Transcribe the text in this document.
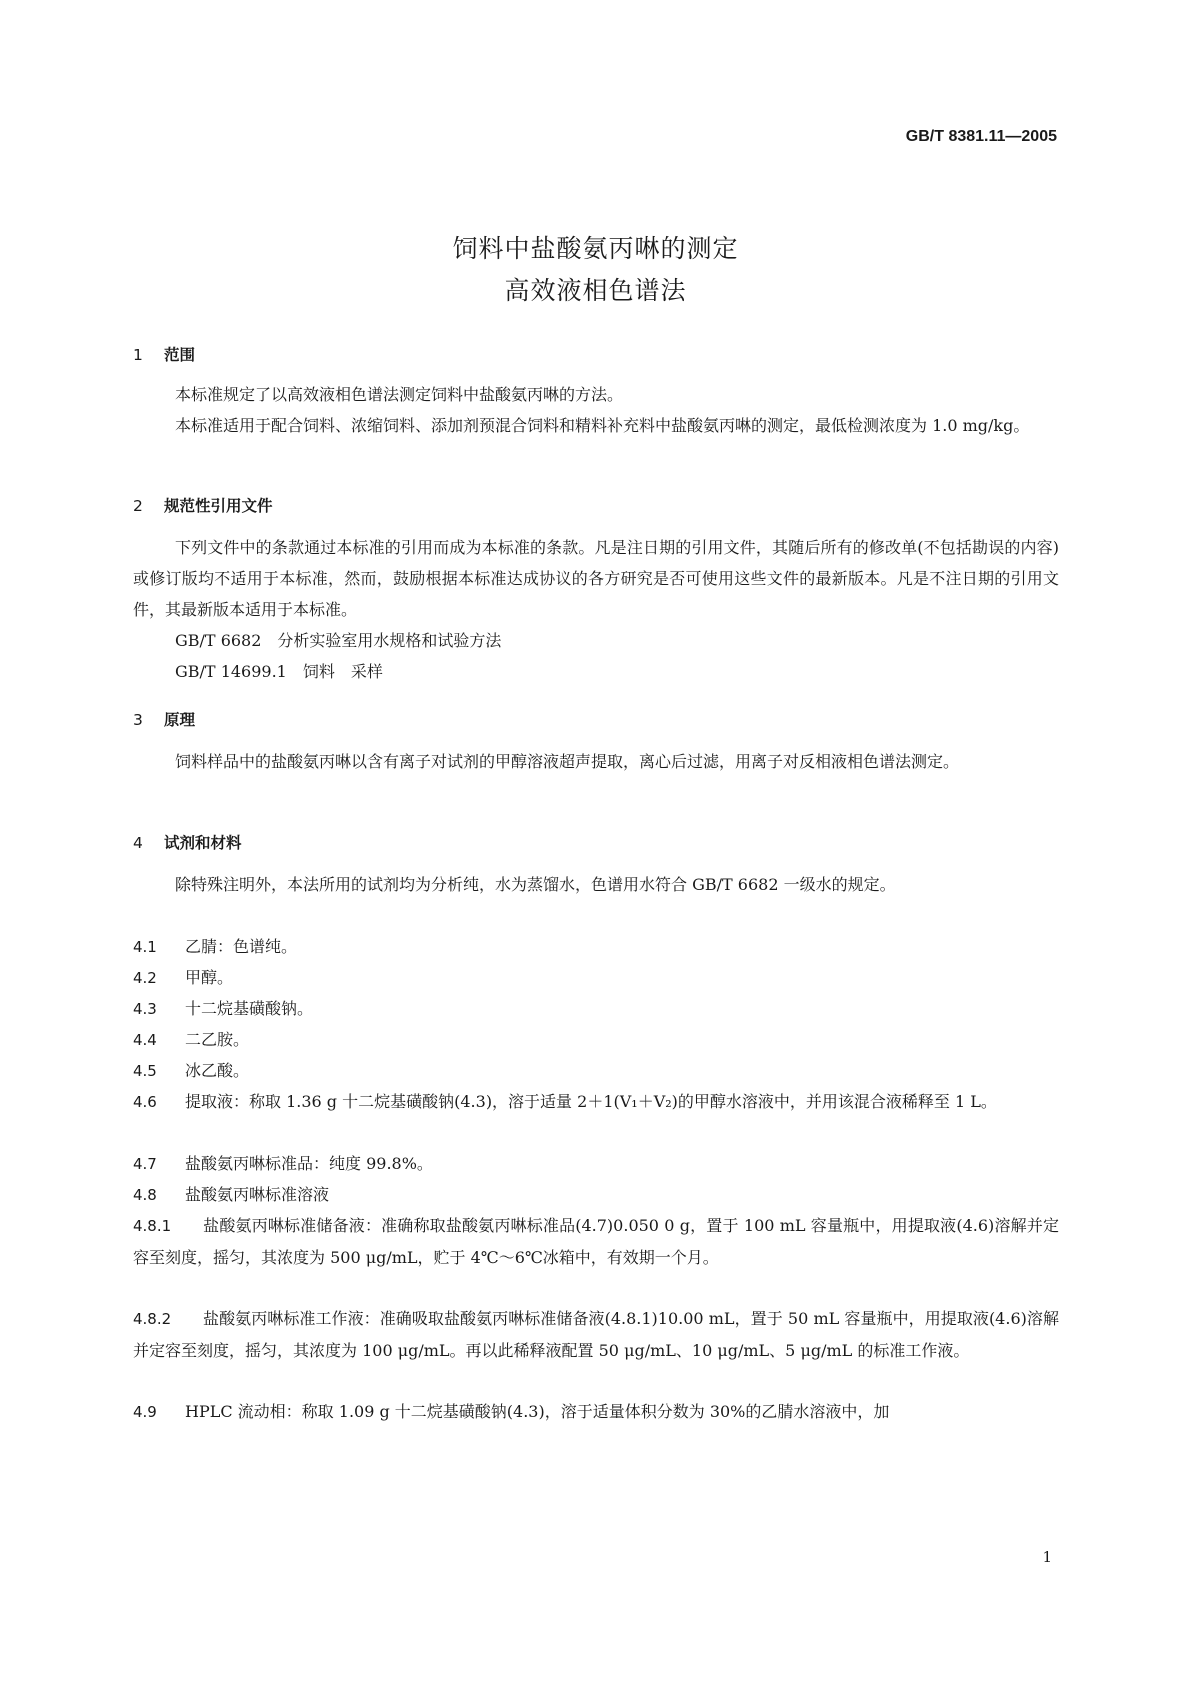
GB/T 8381.11—2005
饲料中盐酸氨丙啉的测定
高效液相色谱法
1 范围
本标准规定了以高效液相色谱法测定饲料中盐酸氨丙啉的方法。
本标准适用于配合饲料、浓缩饲料、添加剂预混合饲料和精料补充料中盐酸氨丙啉的测定，最低检测浓度为 1.0 mg/kg。
2 规范性引用文件
下列文件中的条款通过本标准的引用而成为本标准的条款。凡是注日期的引用文件，其随后所有的修改单(不包括勘误的内容)或修订版均不适用于本标准，然而，鼓励根据本标准达成协议的各方研究是否可使用这些文件的最新版本。凡是不注日期的引用文件，其最新版本适用于本标准。
GB/T 6682　分析实验室用水规格和试验方法
GB/T 14699.1　饲料　采样
3 原理
饲料样品中的盐酸氨丙啉以含有离子对试剂的甲醇溶液超声提取，离心后过滤，用离子对反相液相色谱法测定。
4 试剂和材料
除特殊注明外，本法所用的试剂均为分析纯，水为蒸馏水，色谱用水符合 GB/T 6682 一级水的规定。
4.1 乙腈：色谱纯。
4.2 甲醇。
4.3 十二烷基磺酸钠。
4.4 二乙胺。
4.5 冰乙酸。
4.6 提取液：称取 1.36 g 十二烷基磺酸钠(4.3)，溶于适量 2＋1(V₁＋V₂)的甲醇水溶液中，并用该混合液稀释至 1 L。
4.7 盐酸氨丙啉标准品：纯度 99.8%。
4.8 盐酸氨丙啉标准溶液
4.8.1 盐酸氨丙啉标准储备液：准确称取盐酸氨丙啉标准品(4.7)0.050 0 g，置于 100 mL 容量瓶中，用提取液(4.6)溶解并定容至刻度，摇匀，其浓度为 500 μg/mL，贮于 4℃～6℃冰箱中，有效期一个月。
4.8.2 盐酸氨丙啉标准工作液：准确吸取盐酸氨丙啉标准储备液(4.8.1)10.00 mL，置于 50 mL 容量瓶中，用提取液(4.6)溶解并定容至刻度，摇匀，其浓度为 100 μg/mL。再以此稀释液配置 50 μg/mL、10 μg/mL、5 μg/mL 的标准工作液。
4.9 HPLC 流动相：称取 1.09 g 十二烷基磺酸钠(4.3)，溶于适量体积分数为 30%的乙腈水溶液中，加
1
